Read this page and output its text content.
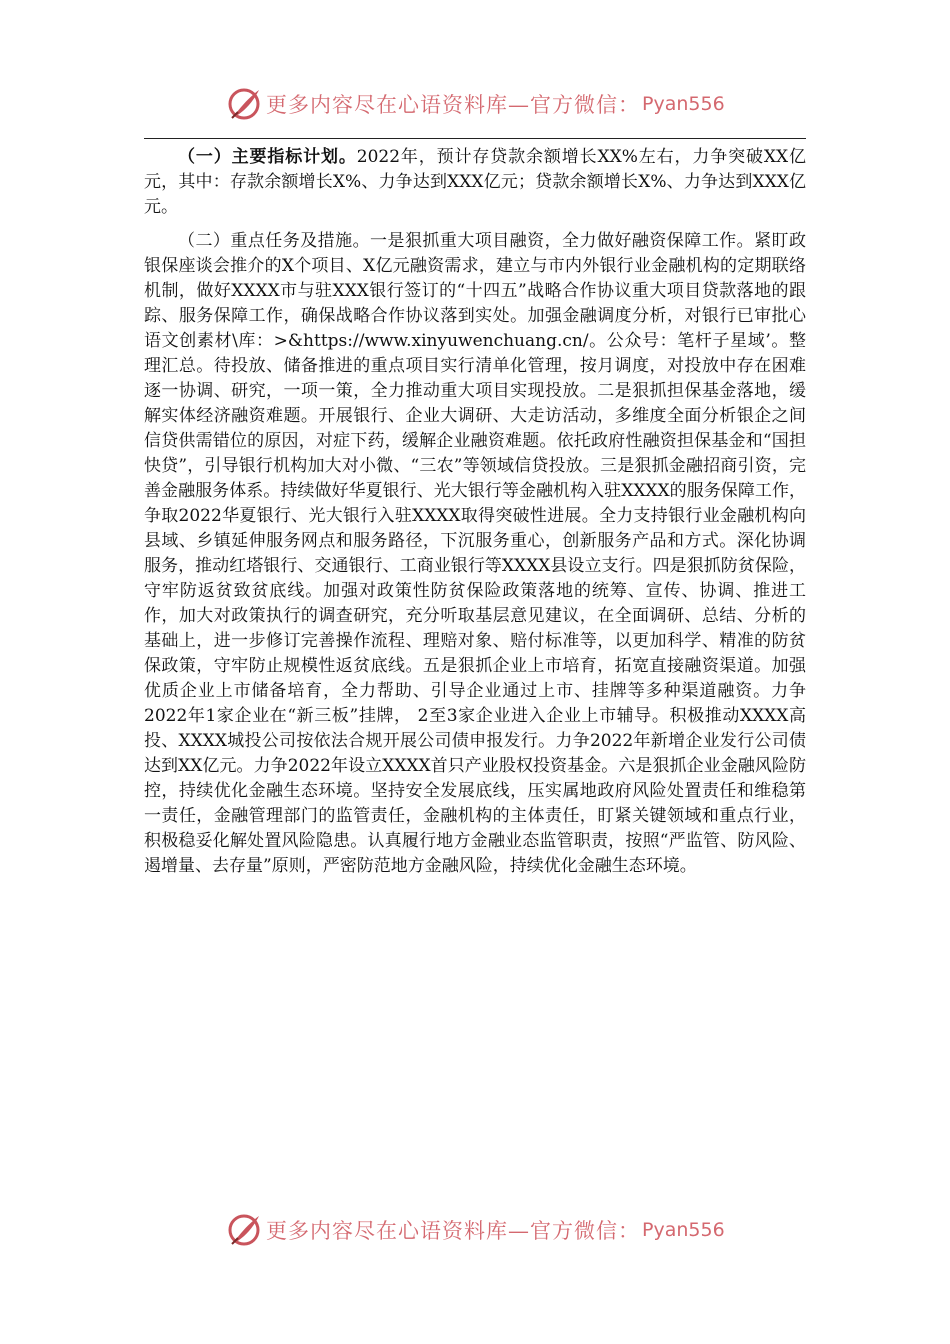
更多内容尽在心语资料库—官方微信： Pyan556

（一）主要指标计划。2022年，预计存贷款余额增长XX%左右，力争突破XX亿元，其中：存款余额增长X%、力争达到XXX亿元；贷款余额增长X%、力争达到XXX亿元。

（二）重点任务及措施。一是狠抓重大项目融资，全力做好融资保障工作。紧盯政银保座谈会推介的X个项目、X亿元融资需求，建立与市内外银行业金融机构的定期联络机制，做好XXXX市与驻XXX银行签订的“十四五”战略合作协议重大项目贷款落地的跟踪、服务保障工作，确保战略合作协议落到实处。加强金融调度分析，对银行已审批心语文创素材\库：>&https://www.xinyuwenchuang.cn/。公众号：笔杆子星域’。整理汇总。待投放、储备推进的重点项目实行清单化管理，按月调度，对投放中存在困难逐一协调、研究，一项一策，全力推动重大项目实现投放。二是狠抓担保基金落地，缓解实体经济融资难题。开展银行、企业大调研、大走访活动，多维度全面分析银企之间信贷供需错位的原因，对症下药，缓解企业融资难题。依托政府性融资担保基金和“国担快贷”，引导银行机构加大对小微、“三农”等领域信贷投放。三是狠抓金融招商引资，完善金融服务体系。持续做好华夏银行、光大银行等金融机构入驻XXXX的服务保障工作，争取2022华夏银行、光大银行入驻XXXX取得突破性进展。全力支持银行业金融机构向县域、乡镇延伸服务网点和服务路径，下沉服务重心，创新服务产品和方式。深化协调服务，推动红塔银行、交通银行、工商业银行等XXXX县设立支行。四是狠抓防贫保险，守牢防返贫致贫底线。加强对政策性防贫保险政策落地的统筹、宣传、协调、推进工作，加大对政策执行的调查研究，充分听取基层意见建议，在全面调研、总结、分析的基础上，进一步修订完善操作流程、理赔对象、赔付标准等，以更加科学、精准的防贫保政策，守牢防止规模性返贫底线。五是狠抓企业上市培育，拓宽直接融资渠道。加强优质企业上市储备培育，全力帮助、引导企业通过上市、挂牌等多种渠道融资。力争2022年1家企业在“新三板”挂牌， 2至3家企业进入企业上市辅导。积极推动XXXX高投、XXXX城投公司按依法合规开展公司债申报发行。力争2022年新增企业发行公司债达到XX亿元。力争2022年设立XXXX首只产业股权投资基金。六是狠抓企业金融风险防控，持续优化金融生态环境。坚持安全发展底线，压实属地政府风险处置责任和维稳第一责任，金融管理部门的监管责任，金融机构的主体责任，盯紧关键领域和重点行业，积极稳妥化解处置风险隐患。认真履行地方金融业态监管职责，按照“严监管、防风险、遏增量、去存量”原则，严密防范地方金融风险，持续优化金融生态环境。

更多内容尽在心语资料库—官方微信： Pyan556
